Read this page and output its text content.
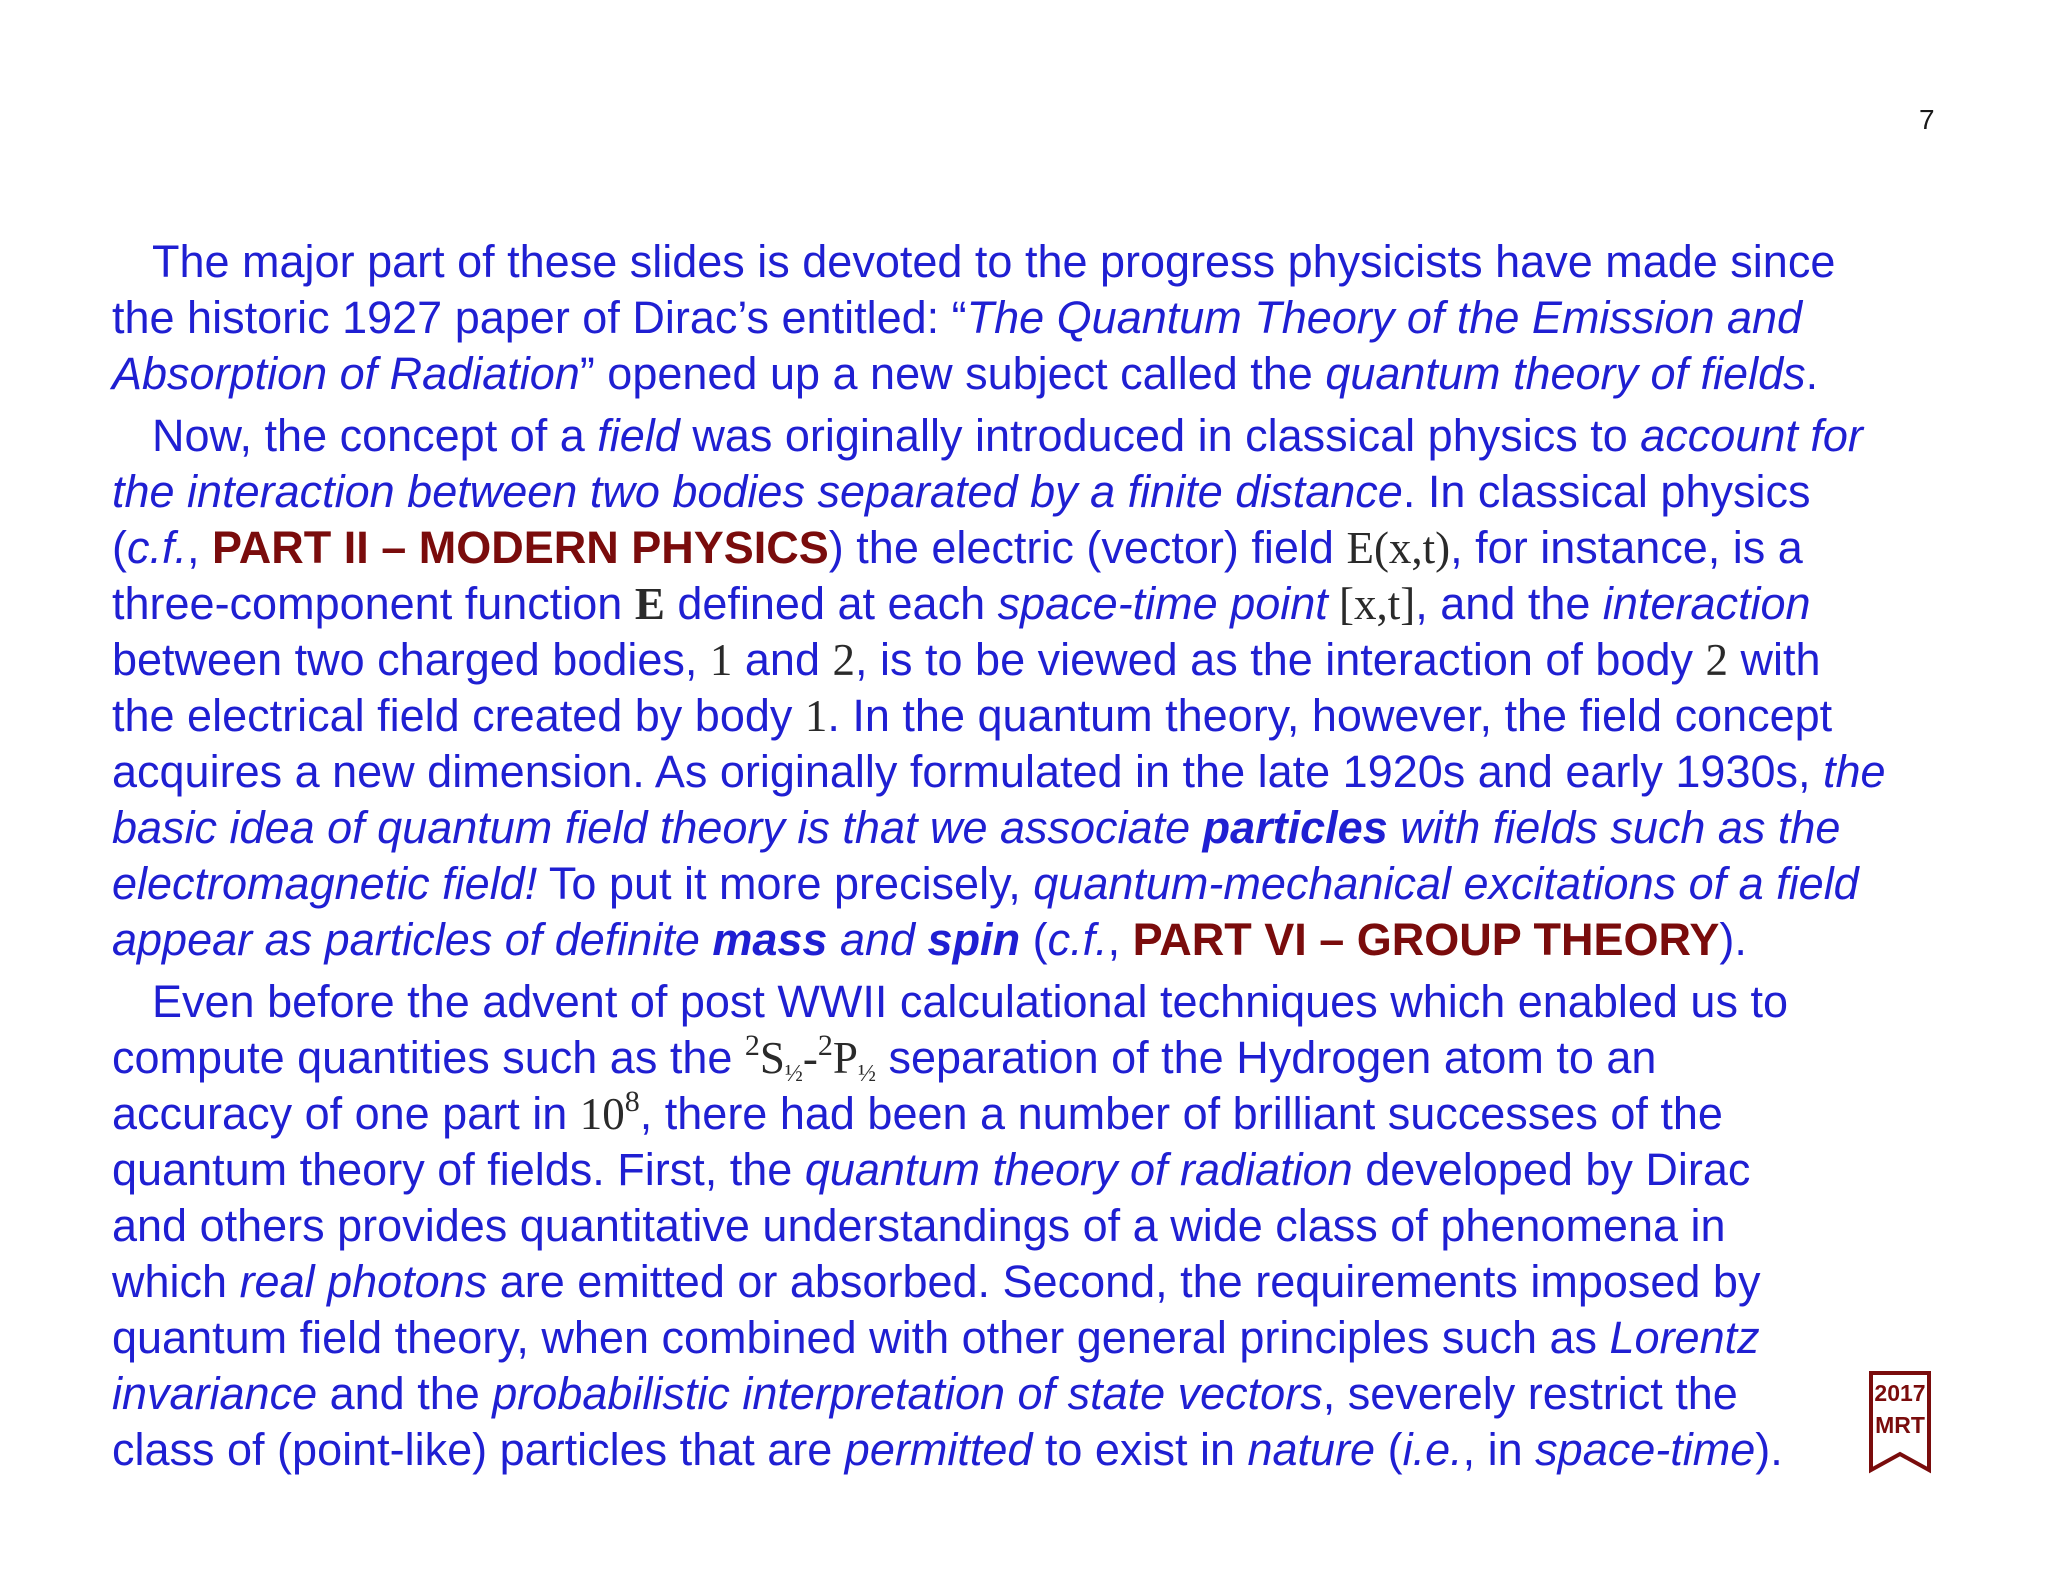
7
The major part of these slides is devoted to the progress physicists have made since
the historic 1927 paper of Dirac’s entitled: “The Quantum Theory of the Emission and
Absorption of Radiation” opened up a new subject called the quantum theory of fields.
Now, the concept of a field was originally introduced in classical physics to account for
the interaction between two bodies separated by a finite distance. In classical physics
(c.f., PART II – MODERN PHYSICS) the electric (vector) field E(x,t), for instance, is a
three-component function E defined at each space-time point [x,t], and the interaction
between two charged bodies, 1 and 2, is to be viewed as the interaction of body 2 with
the electrical field created by body 1. In the quantum theory, however, the field concept
acquires a new dimension. As originally formulated in the late 1920s and early 1930s, the
basic idea of quantum field theory is that we associate particles with fields such as the
electromagnetic field! To put it more precisely, quantum-mechanical excitations of a field
appear as particles of definite mass and spin (c.f., PART VI – GROUP THEORY).
Even before the advent of post WWII calculational techniques which enabled us to
compute quantities such as the $^2S_{\frac{1}{2}}-^2P_{\frac{1}{2}}$ separation of the Hydrogen atom to an
accuracy of one part in $10^8$, there had been a number of brilliant successes of the
quantum theory of fields. First, the quantum theory of radiation developed by Dirac
and others provides quantitative understandings of a wide class of phenomena in
which real photons are emitted or absorbed. Second, the requirements imposed by
quantum field theory, when combined with other general principles such as Lorentz
invariance and the probabilistic interpretation of state vectors, severely restrict the
class of (point-like) particles that are permitted to exist in nature (i.e., in space-time).
2017
MRT
